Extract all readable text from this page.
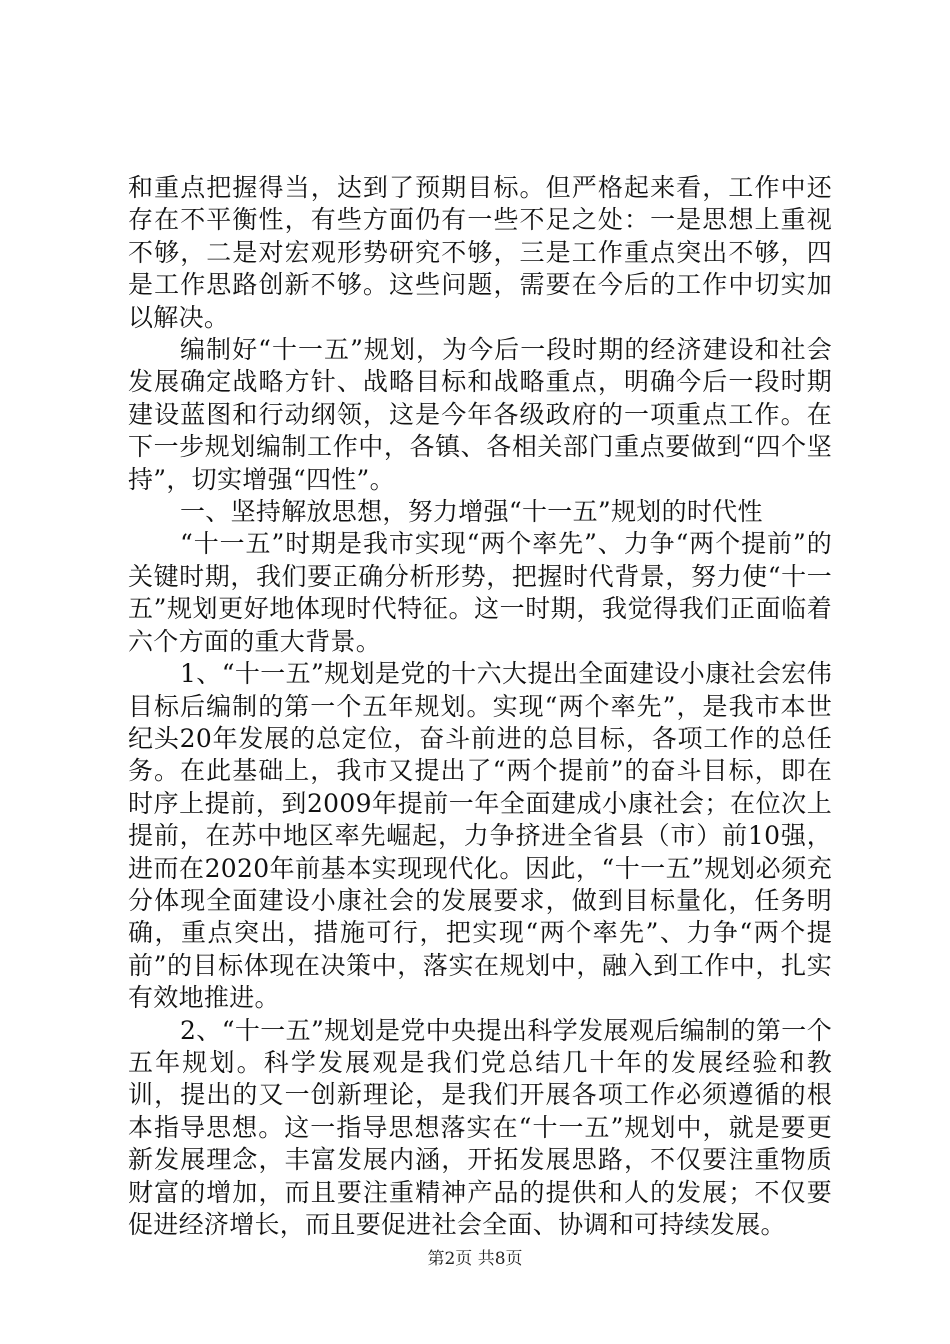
和重点把握得当，达到了预期目标。但严格起来看，工作中还存在不平衡性，有些方面仍有一些不足之处：一是思想上重视不够，二是对宏观形势研究不够，三是工作重点突出不够，四是工作思路创新不够。这些问题，需要在今后的工作中切实加以解决。

编制好“十一五”规划，为今后一段时期的经济建设和社会发展确定战略方针、战略目标和战略重点，明确今后一段时期建设蓝图和行动纲领，这是今年各级政府的一项重点工作。在下一步规划编制工作中，各镇、各相关部门重点要做到“四个坚持”，切实增强“四性”。

一、坚持解放思想，努力增强“十一五”规划的时代性

“十一五”时期是我市实现“两个率先”、力争“两个提前”的关键时期，我们要正确分析形势，把握时代背景，努力使“十一五”规划更好地体现时代特征。这一时期，我觉得我们正面临着六个方面的重大背景。

1、“十一五”规划是党的十六大提出全面建设小康社会宏伟目标后编制的第一个五年规划。实现“两个率先”，是我市本世纪头20年发展的总定位，奋斗前进的总目标，各项工作的总任务。在此基础上，我市又提出了“两个提前”的奋斗目标，即在时序上提前，到2009年提前一年全面建成小康社会；在位次上提前，在苏中地区率先崛起，力争挤进全省县（市）前10强，进而在2020年前基本实现现代化。因此，“十一五”规划必须充分体现全面建设小康社会的发展要求，做到目标量化，任务明确，重点突出，措施可行，把实现“两个率先”、力争“两个提前”的目标体现在决策中，落实在规划中，融入到工作中，扎实有效地推进。

2、“十一五”规划是党中央提出科学发展观后编制的第一个五年规划。科学发展观是我们党总结几十年的发展经验和教训，提出的又一创新理论，是我们开展各项工作必须遵循的根本指导思想。这一指导思想落实在“十一五”规划中，就是要更新发展理念，丰富发展内涵，开拓发展思路，不仅要注重物质财富的增加，而且要注重精神产品的提供和人的发展；不仅要促进经济增长，而且要促进社会全面、协调和可持续发展。

第2页 共8页
